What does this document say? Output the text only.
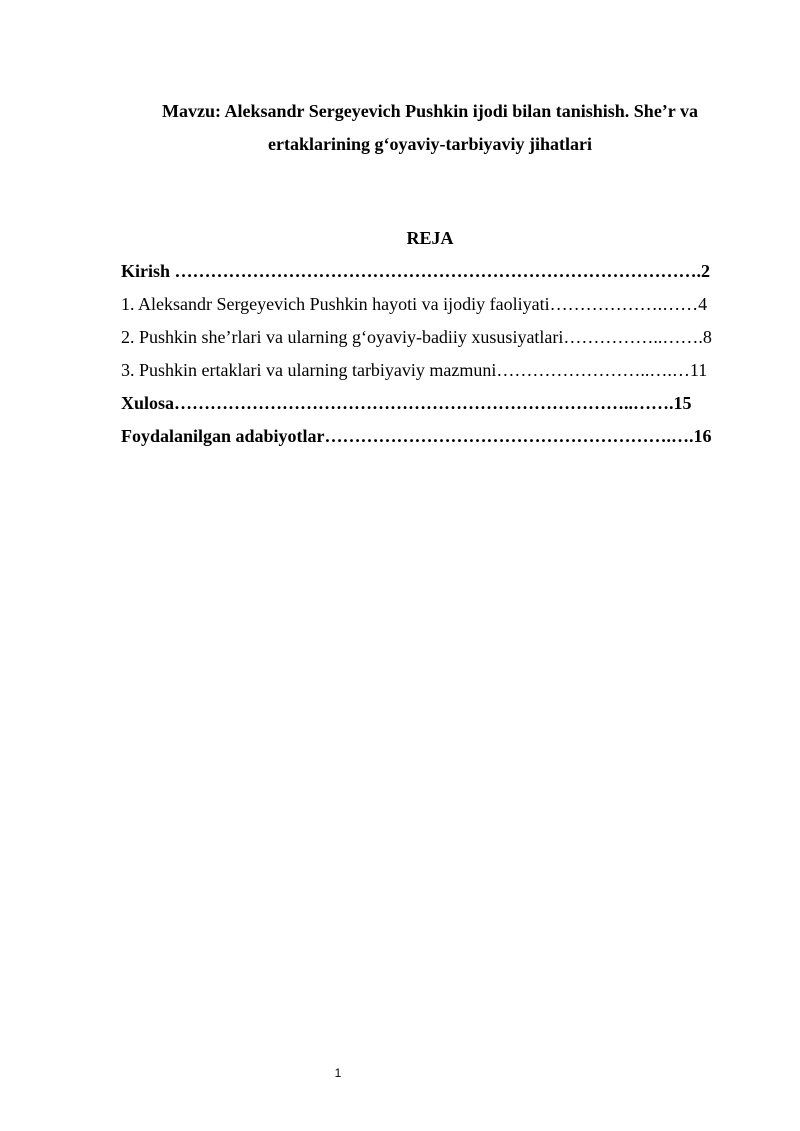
Mavzu: Aleksandr Sergeyevich Pushkin ijodi bilan tanishish. She’r va
ertaklarining g‘oyaviy-tarbiyaviy jihatlari
REJA
Kirish …………………………………………………………………………….2
1. Aleksandr Sergeyevich Pushkin hayoti va ijodiy faoliyati……………….……4
2. Pushkin she’rlari va ularning g‘oyaviy-badiiy xususiyatlari……………..…….8
3. Pushkin ertaklari va ularning tarbiyaviy mazmuni……………………..….…11
Xulosa…………………………………………………………………..…….15
Foydalanilgan adabiyotlar………………………………………………….….16
1
